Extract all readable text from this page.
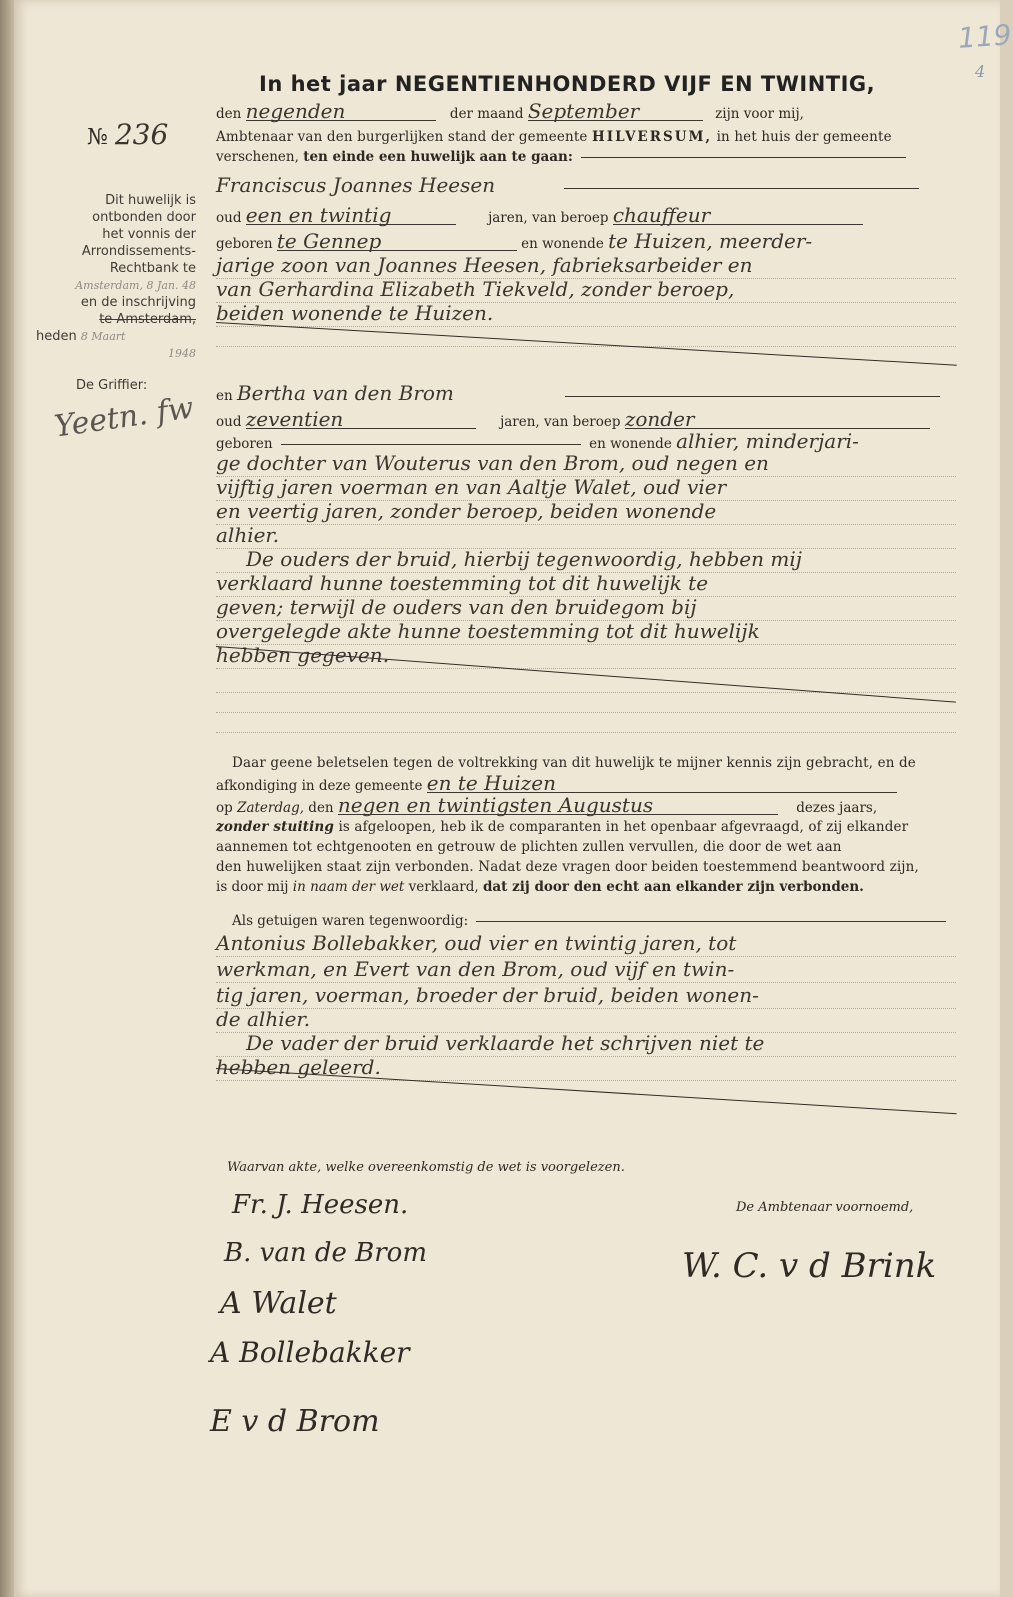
119
4
In het jaar NEGENTIENHONDERD VIJF EN TWINTIG,
№ 236
den negenden	der maand September	zijn voor mij,
Ambtenaar van den burgerlijken stand der gemeente HILVERSUM, in het huis der gemeente
verschenen, ten einde een huwelijk aan te gaan:
Franciscus Joannes Heesen
oud een en twintig	jaren, van beroep chauffeur
geboren te Gennep	en wonende te Huizen, meerder-
jarige zoon van Joannes Heesen, fabrieksarbeider en
van Gerhardina Elizabeth Tiekveld, zonder beroep,
beiden wonende te Huizen.
en Bertha van den Brom
oud zeventien	jaren, van beroep zonder
geboren	en wonende alhier, minderjari-
ge dochter van Wouterus van den Brom, oud negen en
vijftig jaren voerman en van Aaltje Walet, oud vier
en veertig jaren, zonder beroep, beiden wonende
alhier.
De ouders der bruid, hierbij tegenwoordig, hebben mij
verklaard hunne toestemming tot dit huwelijk te
geven; terwijl de ouders van den bruidegom bij
overgelegde akte hunne toestemming tot dit huwelijk
hebben gegeven.
Daar geene beletselen tegen de voltrekking van dit huwelijk te mijner kennis zijn gebracht, en de
afkondiging in deze gemeente en te Huizen
op Zaterdag, den negen en twintigsten Augustus	dezes jaars,
zonder stuiting is afgeloopen, heb ik de comparanten in het openbaar afgevraagd, of zij elkander
aannemen tot echtgenooten en getrouw de plichten zullen vervullen, die door de wet aan
den huwelijken staat zijn verbonden. Nadat deze vragen door beiden toestemmend beantwoord zijn,
is door mij in naam der wet verklaard, dat zij door den echt aan elkander zijn verbonden.
Als getuigen waren tegenwoordig:
Antonius Bollebakker, oud vier en twintig jaren, tot
werkman, en Evert van den Brom, oud vijf en twin-
tig jaren, voerman, broeder der bruid, beiden wonen-
de alhier.
De vader der bruid verklaarde het schrijven niet te
hebben geleerd.
Waarvan akte, welke overeenkomstig de wet is voorgelezen.
De Ambtenaar voornoemd,
Fr. J. Heesen.
B. van de Brom
A Walet
A Bollebakker
E v d Brom
W. C. v d Brink
Dit huwelijk is
ontbonden door
het vonnis der
Arrondissements-
Rechtbank te
Amsterdam, 8 Jan. 48
en de inschrijving
te Amsterdam,
heden 8 Maart
1948
De Griffier:
Yeetn. fw
